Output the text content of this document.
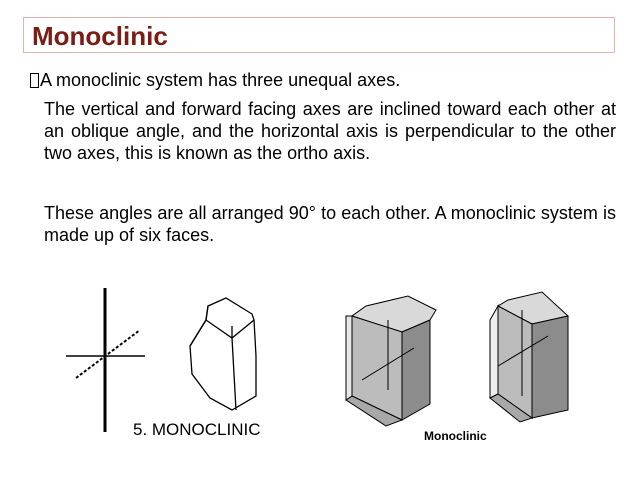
Monoclinic
A monoclinic system has three unequal axes.
The vertical and forward facing axes are inclined toward each other at an oblique angle, and the horizontal axis is perpendicular to the other two axes, this is known as the ortho axis.
These angles are all arranged 90° to each other. A monoclinic system is made up of six faces.
5. MONOCLINIC	Monoclinic
